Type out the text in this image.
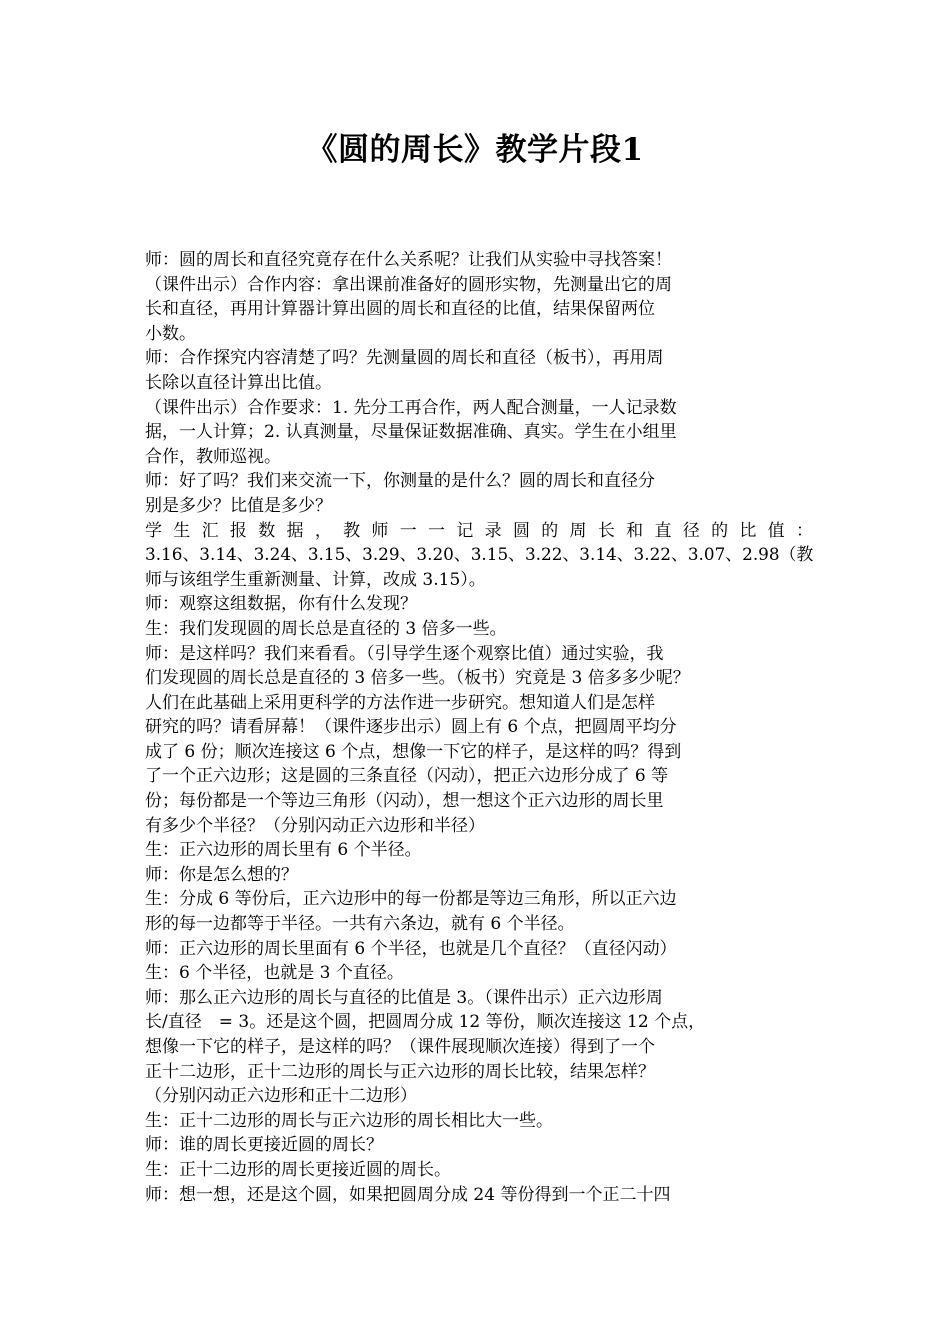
《圆的周长》教学片段1
师：圆的周长和直径究竟存在什么关系呢？让我们从实验中寻找答案！
（课件出示）合作内容：拿出课前准备好的圆形实物，先测量出它的周
长和直径，再用计算器计算出圆的周长和直径的比值，结果保留两位
小数。
师：合作探究内容清楚了吗？先测量圆的周长和直径（板书），再用周
长除以直径计算出比值。
（课件出示）合作要求：1. 先分工再合作，两人配合测量，一人记录数
据，一人计算；2. 认真测量，尽量保证数据准确、真实。学生在小组里
合作，教师巡视。
师：好了吗？我们来交流一下，你测量的是什么？圆的周长和直径分
别是多少？比值是多少？
学 生 汇 报 数 据 ， 教 师 一 一 记 录 圆 的 周 长 和 直 径 的 比 值 ：
3.16、3.14、3.24、3.15、3.29、3.20、3.15、3.22、3.14、3.22、3.07、2.98（教
师与该组学生重新测量、计算，改成 3.15）。
师：观察这组数据，你有什么发现？
生：我们发现圆的周长总是直径的 3 倍多一些。
师：是这样吗？我们来看看。（引导学生逐个观察比值）通过实验，我
们发现圆的周长总是直径的 3 倍多一些。（板书）究竟是 3 倍多多少呢？
人们在此基础上采用更科学的方法作进一步研究。想知道人们是怎样
研究的吗？请看屏幕！（课件逐步出示）圆上有 6 个点，把圆周平均分
成了 6 份；顺次连接这 6 个点，想像一下它的样子，是这样的吗？得到
了一个正六边形；这是圆的三条直径（闪动），把正六边形分成了 6 等
份；每份都是一个等边三角形（闪动），想一想这个正六边形的周长里
有多少个半径？（分别闪动正六边形和半径）
生：正六边形的周长里有 6 个半径。
师：你是怎么想的？
生：分成 6 等份后，正六边形中的每一份都是等边三角形，所以正六边
形的每一边都等于半径。一共有六条边，就有 6 个半径。
师：正六边形的周长里面有 6 个半径，也就是几个直径？（直径闪动）
生：6 个半径，也就是 3 个直径。
师：那么正六边形的周长与直径的比值是 3。（课件出示）正六边形周
长/直径　= 3。还是这个圆，把圆周分成 12 等份，顺次连接这 12 个点，
想像一下它的样子，是这样的吗？（课件展现顺次连接）得到了一个
正十二边形，正十二边形的周长与正六边形的周长比较，结果怎样？
（分别闪动正六边形和正十二边形）
生：正十二边形的周长与正六边形的周长相比大一些。
师：谁的周长更接近圆的周长？
生：正十二边形的周长更接近圆的周长。
师：想一想，还是这个圆，如果把圆周分成 24 等份得到一个正二十四
